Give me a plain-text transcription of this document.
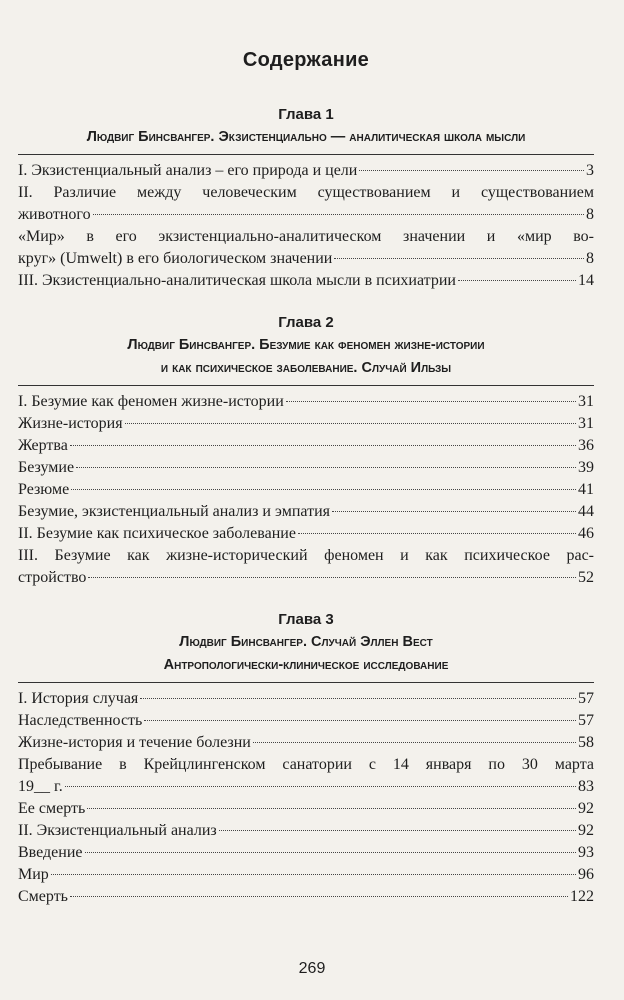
Содержание
Глава 1
Людвиг Бинсвангер. Экзистенциально — аналитическая школа мысли
I. Экзистенциальный анализ – его природа и цели	3
II. Различие между человеческим существованием и существованием
животного	8
«Мир» в его экзистенциально-аналитическом значении и «мир во-
круг» (Umwelt) в его биологическом значении	8
III. Экзистенциально-аналитическая школа мысли в психиатрии	14
Глава 2
Людвиг Бинсвангер. Безумие как феномен жизне-истории
и как психическое заболевание. Случай Ильзы
I. Безумие как феномен жизне-истории	31
Жизне-история	31
Жертва	36
Безумие	39
Резюме	41
Безумие, экзистенциальный анализ и эмпатия	44
II. Безумие как психическое заболевание	46
III. Безумие как жизне-исторический феномен и как психическое рас-
стройство	52
Глава 3
Людвиг Бинсвангер. Случай Эллен Вест
Антропологически-клиническое исследование
I. История случая	57
Наследственность	57
Жизне-история и течение болезни	58
Пребывание в Крейцлингенском санатории с 14 января по 30 марта
19__ г.	83
Ее смерть	92
II. Экзистенциальный анализ	92
Введение	93
Мир	96
Смерть	122
269
